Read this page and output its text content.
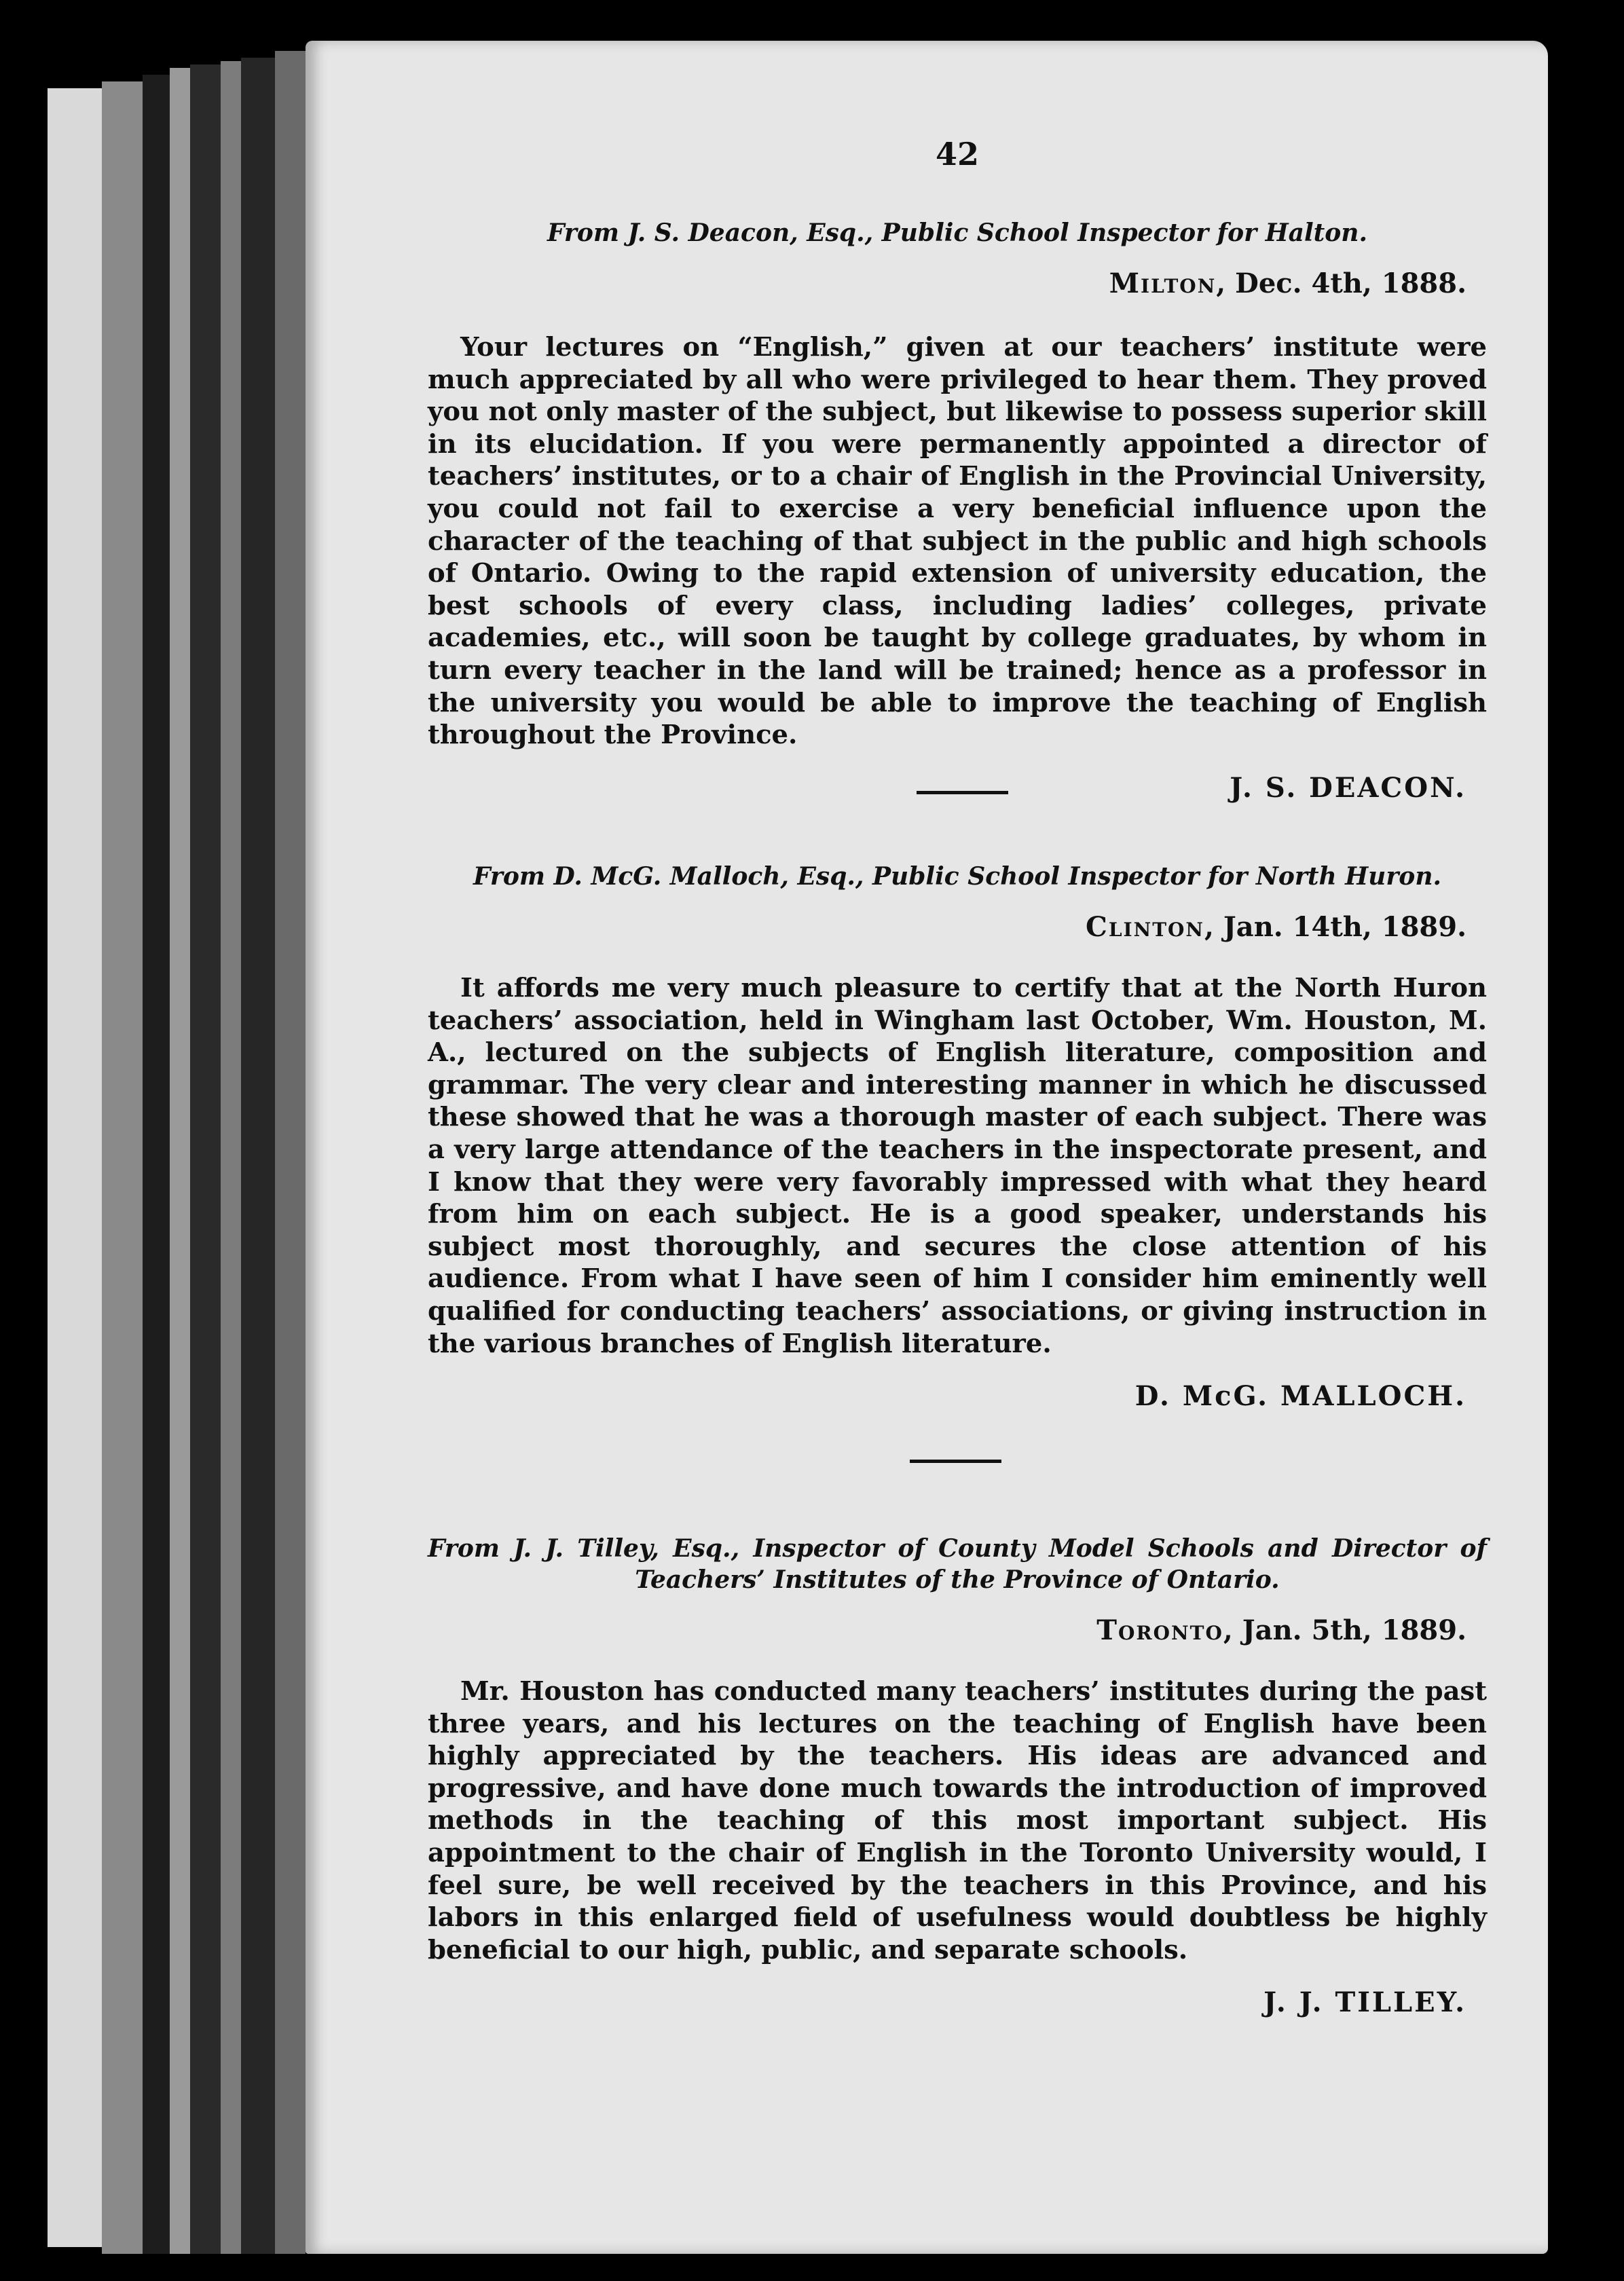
42

From J. S. Deacon, Esq., Public School Inspector for Halton.

Milton, Dec. 4th, 1888.

Your lectures on “English,” given at our teachers’ institute were much appreciated by all who were privileged to hear them. They proved you not only master of the subject, but likewise to possess superior skill in its elucidation. If you were permanently appointed a director of teachers’ institutes, or to a chair of English in the Provincial University, you could not fail to exercise a very beneficial influence upon the character of the teaching of that subject in the public and high schools of Ontario. Owing to the rapid extension of university education, the best schools of every class, including ladies’ colleges, private academies, etc., will soon be taught by college graduates, by whom in turn every teacher in the land will be trained; hence as a professor in the university you would be able to improve the teaching of English throughout the Province.

J. S. DEACON.

From D. McG. Malloch, Esq., Public School Inspector for North Huron.

Clinton, Jan. 14th, 1889.

It affords me very much pleasure to certify that at the North Huron teachers’ association, held in Wingham last October, Wm. Houston, M. A., lectured on the subjects of English literature, composition and grammar. The very clear and interesting manner in which he discussed these showed that he was a thorough master of each subject. There was a very large attendance of the teachers in the inspectorate present, and I know that they were very favorably impressed with what they heard from him on each subject. He is a good speaker, understands his subject most thoroughly, and secures the close attention of his audience. From what I have seen of him I consider him eminently well qualified for conducting teachers’ associations, or giving instruction in the various branches of English literature.

D. McG. MALLOCH.

From J. J. Tilley, Esq., Inspector of County Model Schools and Director of Teachers’ Institutes of the Province of Ontario.

Toronto, Jan. 5th, 1889.

Mr. Houston has conducted many teachers’ institutes during the past three years, and his lectures on the teaching of English have been highly appreciated by the teachers. His ideas are advanced and progressive, and have done much towards the introduction of improved methods in the teaching of this most important subject. His appointment to the chair of English in the Toronto University would, I feel sure, be well received by the teachers in this Province, and his labors in this enlarged field of usefulness would doubtless be highly beneficial to our high, public, and separate schools.

J. J. TILLEY.
